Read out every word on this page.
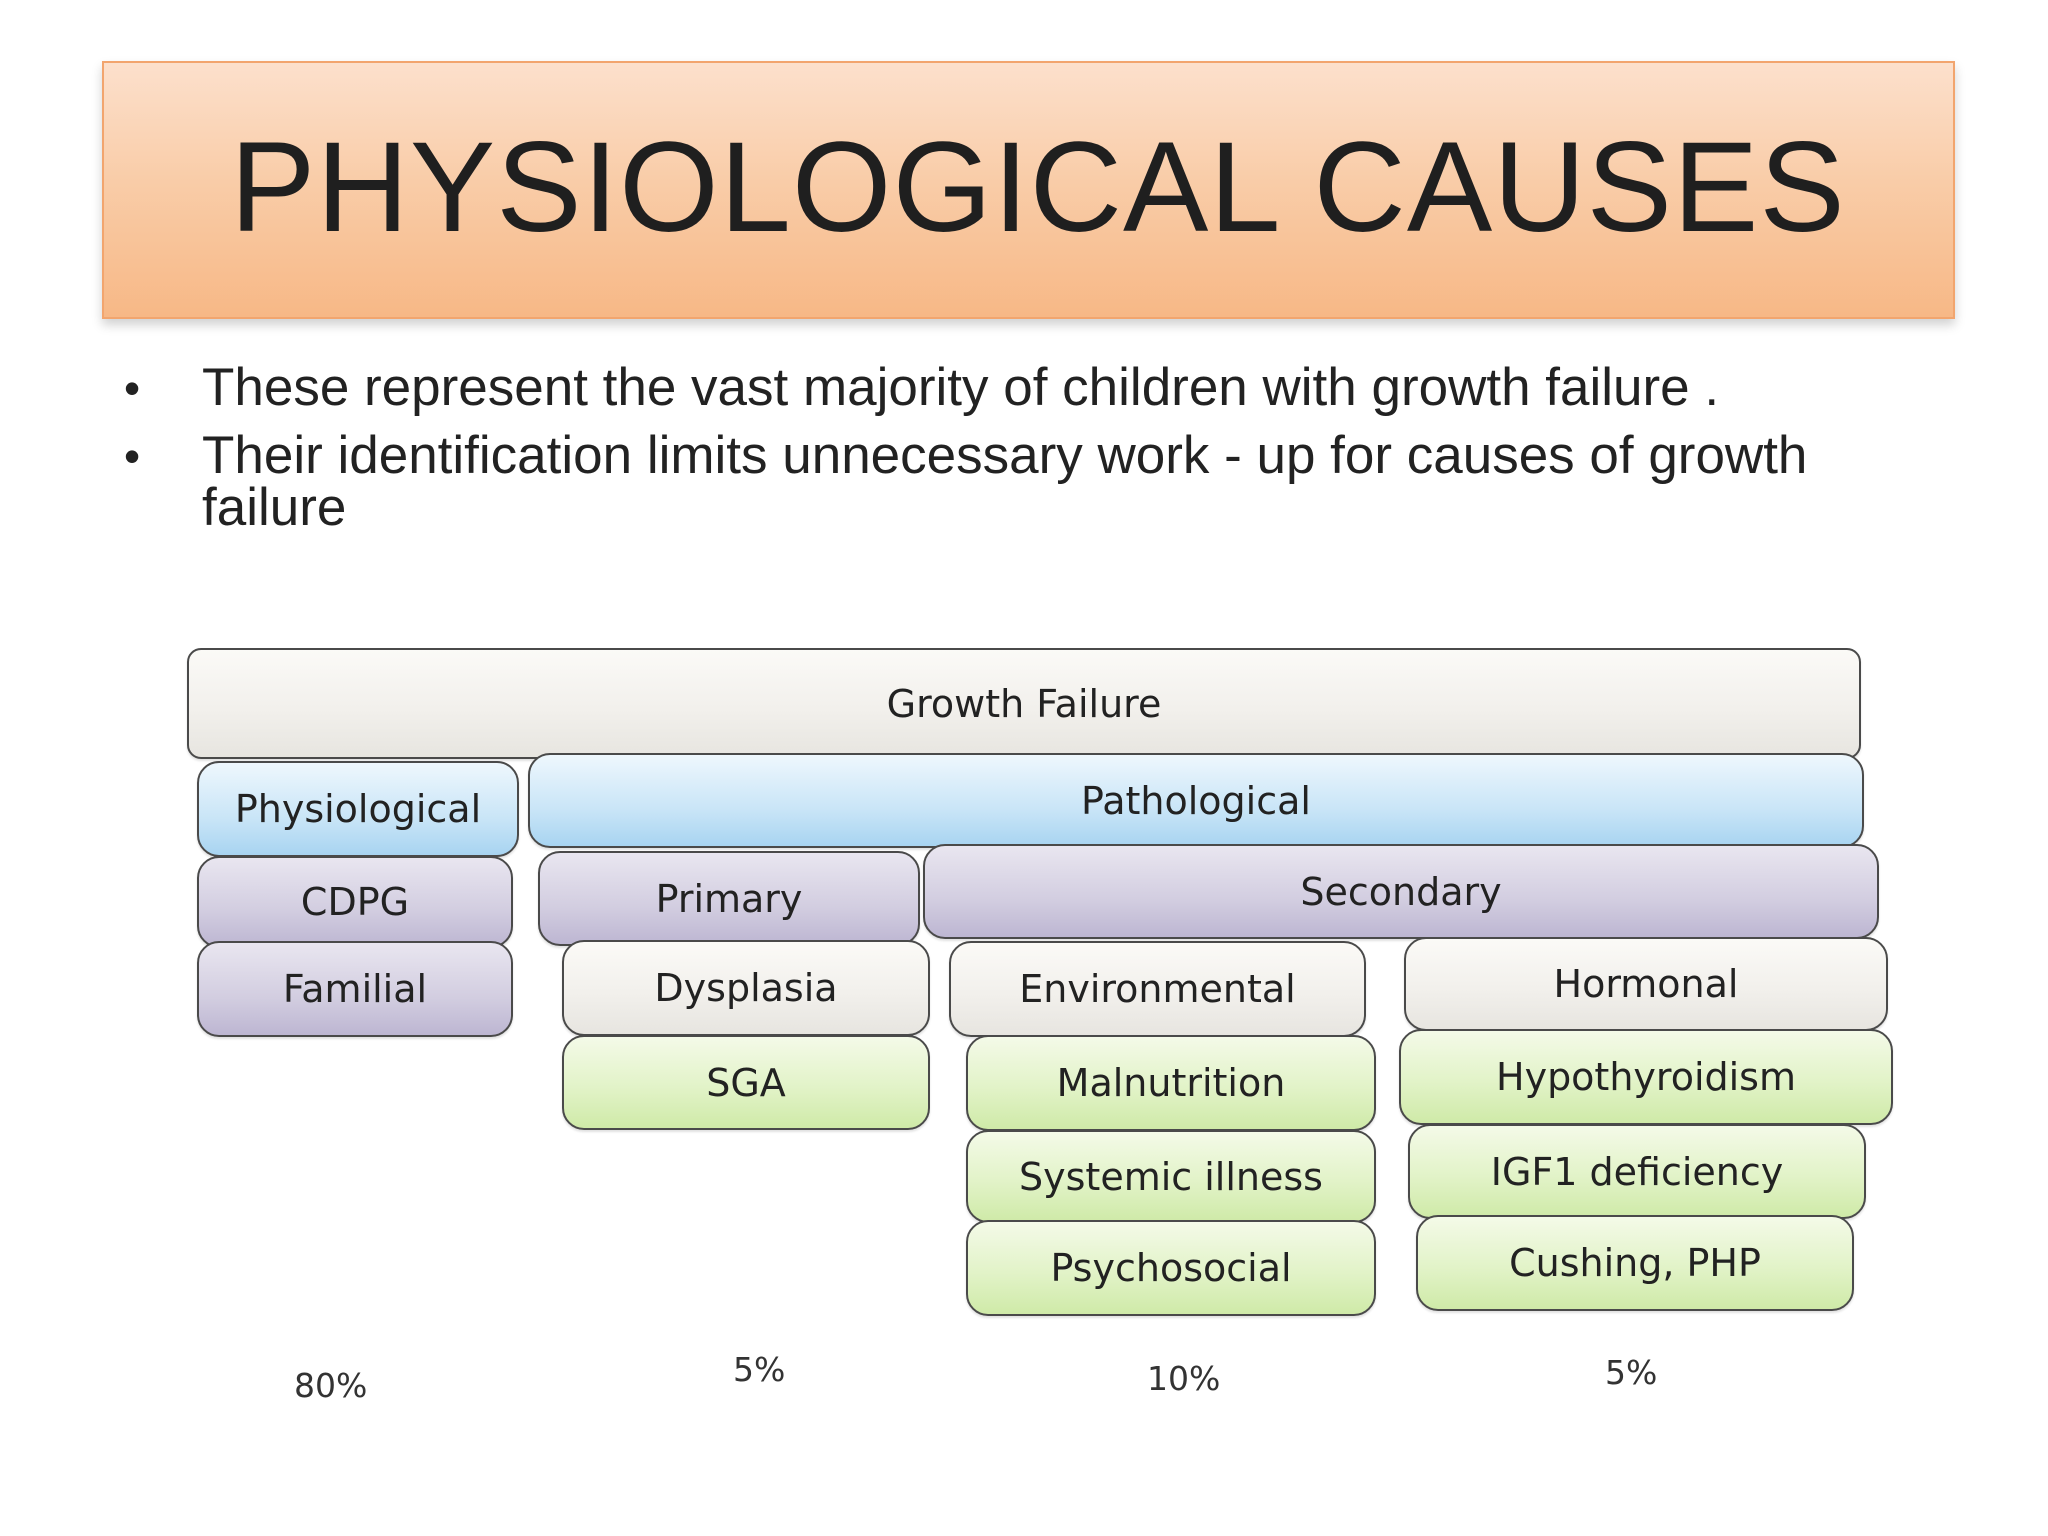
PHYSIOLOGICAL CAUSES
• These represent the vast majority of children with growth failure .
• Their identification limits unnecessary work - up for causes of growth failure
Growth Failure
Physiological
CDPG
Familial
Pathological
Primary
Dysplasia
SGA
Secondary
Environmental
Malnutrition
Systemic illness
Psychosocial
Hormonal
Hypothyroidism
IGF1 deficiency
Cushing, PHP
80%	5%	10%	5%
